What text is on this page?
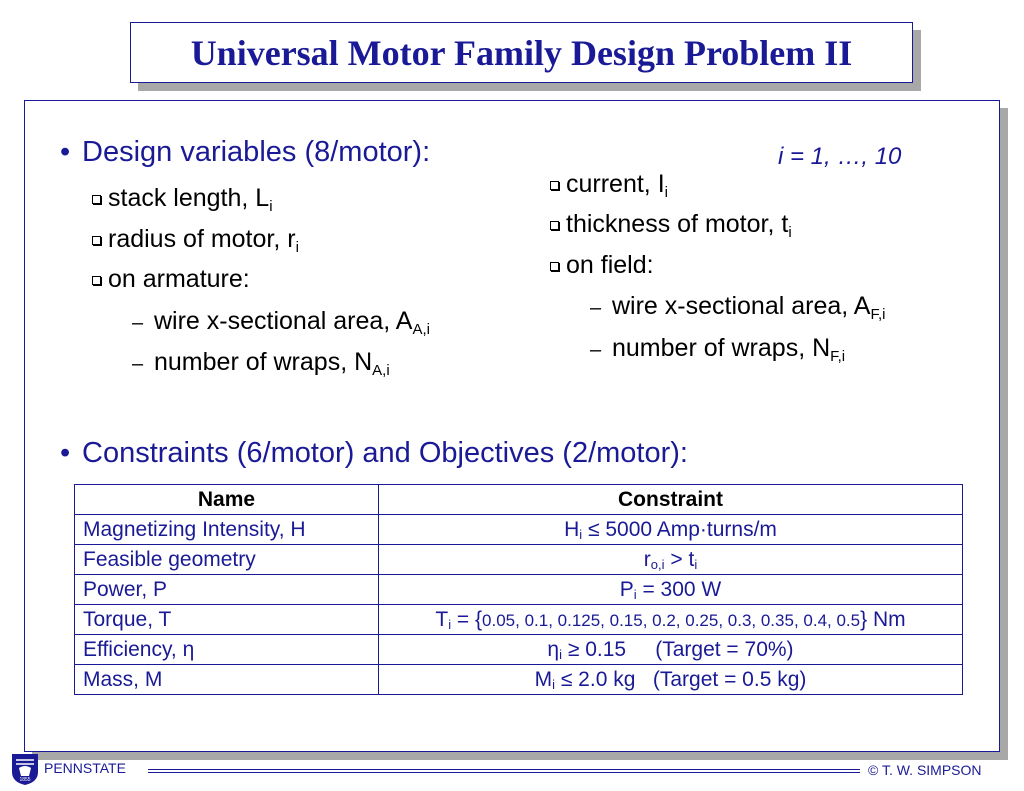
Universal Motor Family Design Problem II
• Design variables (8/motor):	i = 1, …, 10
stack length, $L_i$
radius of motor, $r_i$
on armature:
– wire x-sectional area, $A_{A,i}$
– number of wraps, $N_{A,i}$
current, $I_i$
thickness of motor, $t_i$
on field:
– wire x-sectional area, $A_{F,i}$
– number of wraps, $N_{F,i}$
• Constraints (6/motor) and Objectives (2/motor):
Name	Constraint
Magnetizing Intensity, H	Hi ≤ 5000 Amp·turns/m
Feasible geometry	ro,i > ti
Power, P	Pi = 300 W
Torque, T	Ti = {0.05, 0.1, 0.125, 0.15, 0.2, 0.25, 0.3, 0.35, 0.4, 0.5} Nm
Efficiency, η	ηi ≥ 0.15     (Target = 70%)
Mass, M	Mi ≤ 2.0 kg   (Target = 0.5 kg)
1855
PENNSTATE	© T. W. SIMPSON
